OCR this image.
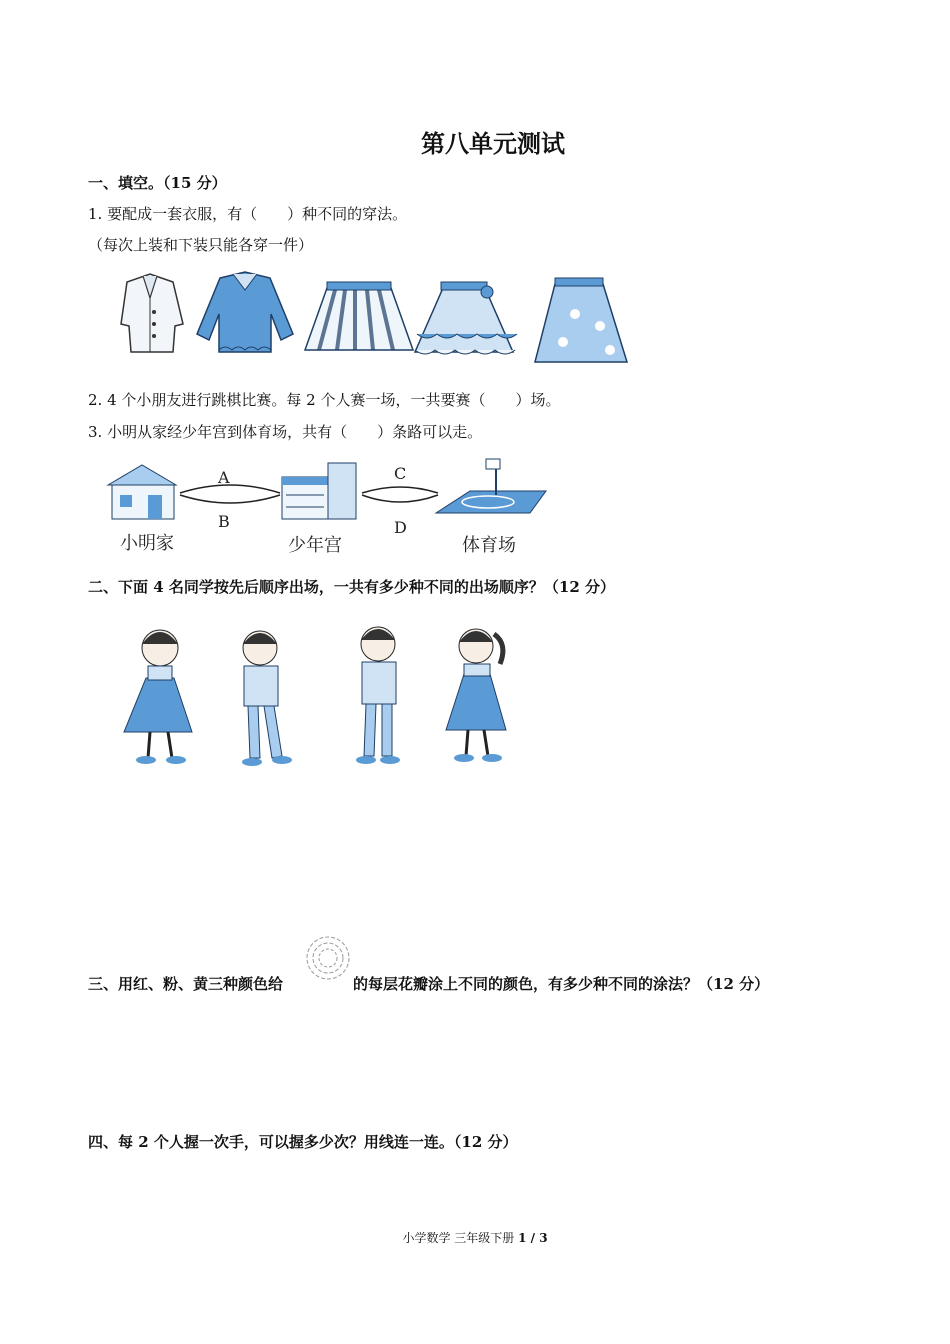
第八单元测试
一、填空。（15 分）
1. 要配成一套衣服，有（　　）种不同的穿法。
（每次上装和下装只能各穿一件）
2. 4 个小朋友进行跳棋比赛。每 2 个人赛一场，一共要赛（　　）场。
3. 小明从家经少年宫到体育场，共有（　　）条路可以走。
A
B
C
D
小明家	少年宫	体育场
二、下面 4 名同学按先后顺序出场，一共有多少种不同的出场顺序？（12 分）
三、用红、粉、黄三种颜色给	的每层花瓣涂上不同的颜色，有多少种不同的涂法？（12 分）
四、每 2 个人握一次手，可以握多少次？用线连一连。（12 分）
小学数学 三年级下册 1 / 3
